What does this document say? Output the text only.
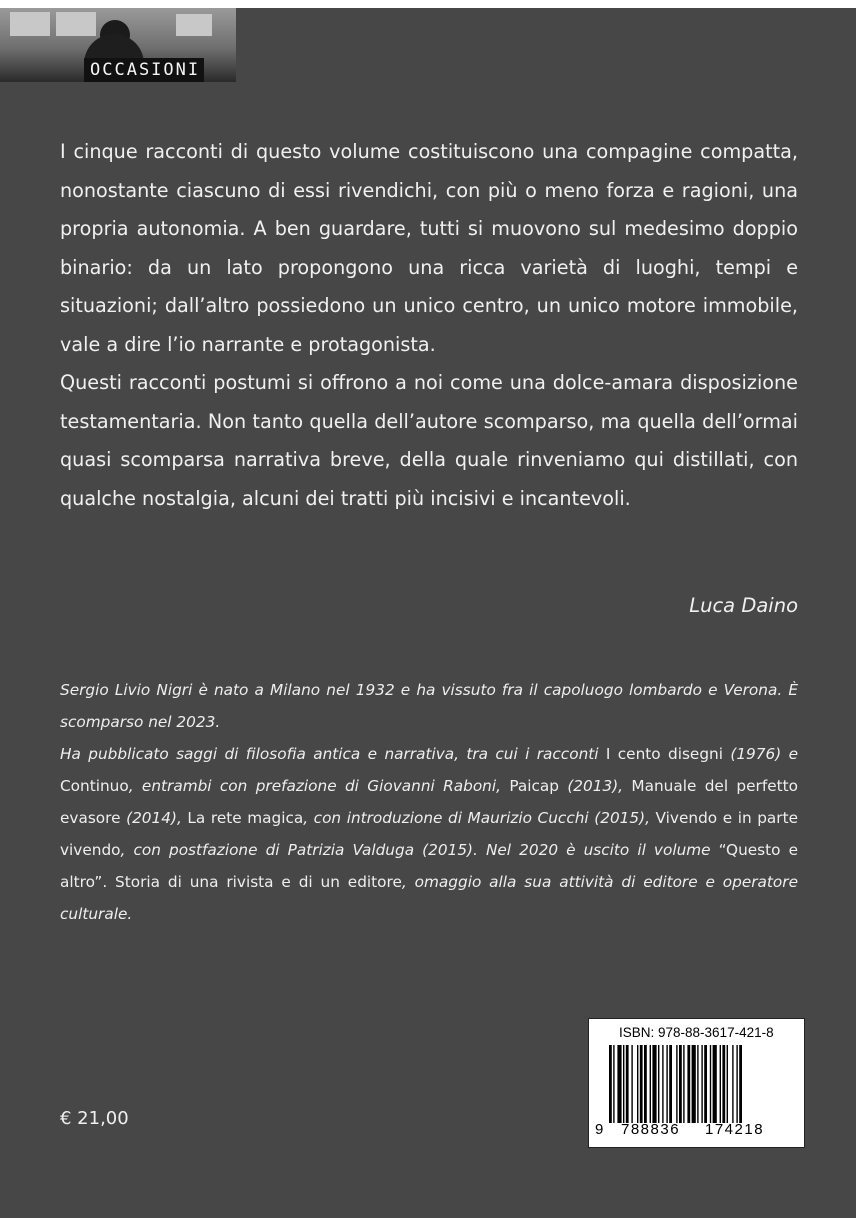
OCCASIONI

I cinque racconti di questo volume costituiscono una compagine compatta, nonostante ciascuno di essi rivendichi, con più o meno forza e ragioni, una propria autonomia. A ben guardare, tutti si muovono sul medesimo doppio binario: da un lato propongono una ricca varietà di luoghi, tempi e situazioni; dall’altro possiedono un unico centro, un unico motore immobile, vale a dire l’io narrante e protagonista.

Questi racconti postumi si offrono a noi come una dolce-amara disposizione testamentaria. Non tanto quella dell’autore scomparso, ma quella dell’ormai quasi scomparsa narrativa breve, della quale rinveniamo qui distillati, con qualche nostalgia, alcuni dei tratti più incisivi e incantevoli.

Luca Daino

Sergio Livio Nigri è nato a Milano nel 1932 e ha vissuto fra il capoluogo lombardo e Verona. È scomparso nel 2023.

Ha pubblicato saggi di filosofia antica e narrativa, tra cui i racconti I cento disegni (1976) e Continuo, entrambi con prefazione di Giovanni Raboni, Paicap (2013), Manuale del perfetto evasore (2014), La rete magica, con introduzione di Maurizio Cucchi (2015), Vivendo e in parte vivendo, con postfazione di Patrizia Valduga (2015). Nel 2020 è uscito il volume “Questo e altro”. Storia di una rivista e di un editore, omaggio alla sua attività di editore e operatore culturale.

€ 21,00
ISBN: 978-88-3617-421-8
9 788836 174218
